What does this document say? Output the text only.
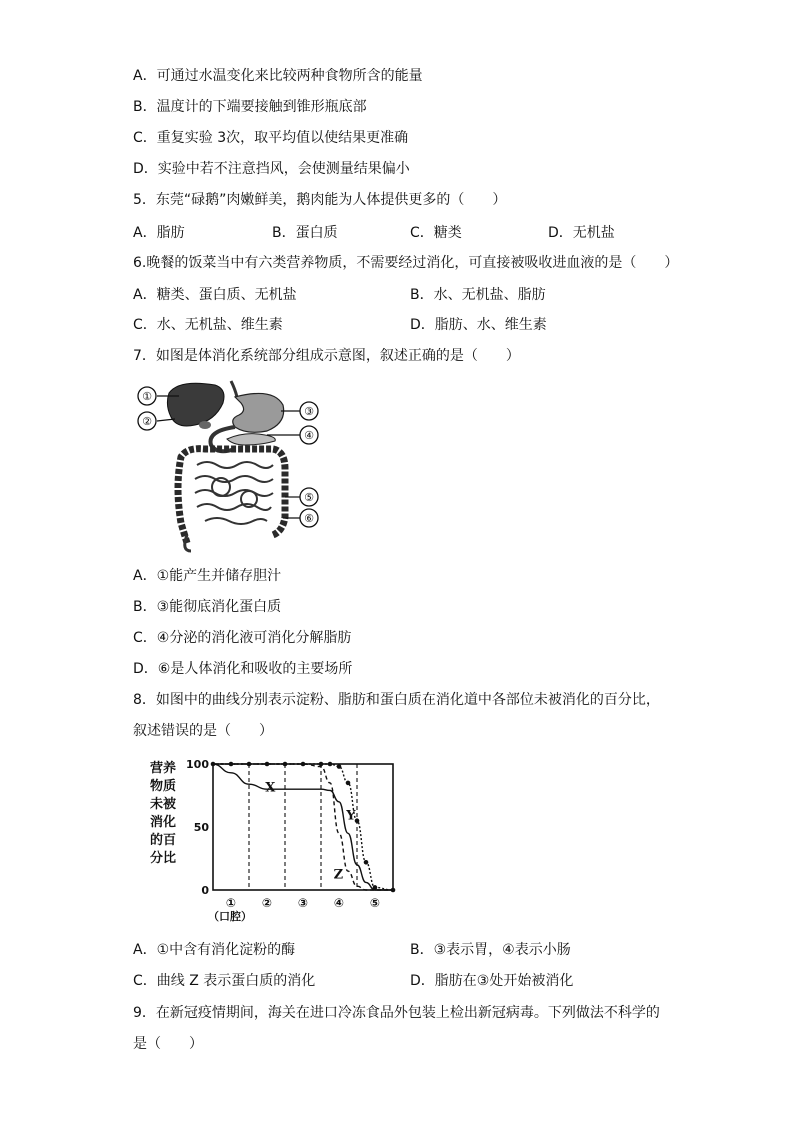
A．可通过水温变化来比较两种食物所含的能量
B．温度计的下端要接触到锥形瓶底部
C．重复实验 3次，取平均值以使结果更准确
D．实验中若不注意挡风，会使测量结果偏小
5．东莞“碌鹅”肉嫩鲜美，鹅肉能为人体提供更多的（　　）
A．脂肪	B．蛋白质	C．糖类	D．无机盐
6.晚餐的饭菜当中有六类营养物质，不需要经过消化，可直接被吸收进血液的是（　　）
A．糖类、蛋白质、无机盐	B．水、无机盐、脂肪
C．水、无机盐、维生素	D．脂肪、水、维生素
7．如图是体消化系统部分组成示意图，叙述正确的是（　　）
①
②
③
④
⑤
⑥
A．①能产生并储存胆汁
B．③能彻底消化蛋白质
C．④分泌的消化液可消化分解脂肪
D．⑥是人体消化和吸收的主要场所
8．如图中的曲线分别表示淀粉、脂肪和蛋白质在消化道中各部位未被消化的百分比，
叙述错误的是（　　）
营养
物质
未被
消化
的百
分比
100
50
0
X
Y
Z
① ② ③ ④ ⑤
（口腔）
A．①中含有消化淀粉的酶	B．③表示胃，④表示小肠
C．曲线 Z 表示蛋白质的消化	D．脂肪在③处开始被消化
9．在新冠疫情期间，海关在进口冷冻食品外包装上检出新冠病毒。下列做法不科学的
是（　　）
